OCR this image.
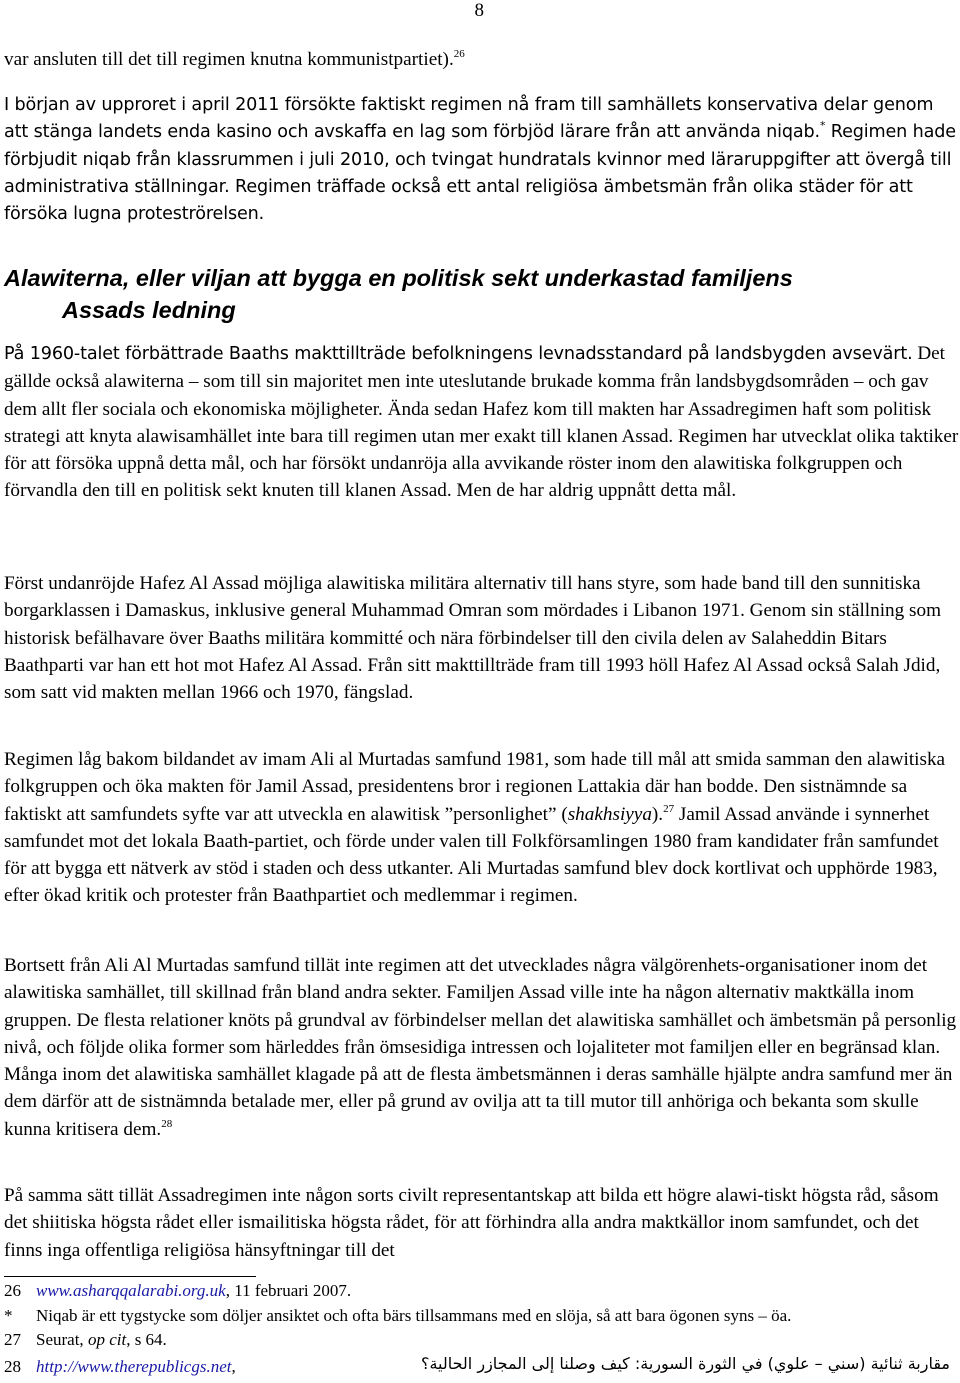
8

var ansluten till det till regimen knutna kommunistpartiet).$^{26}$

I början av upproret i april 2011 försökte faktiskt regimen nå fram till samhällets konservativa delar genom att stänga landets enda kasino och avskaffa en lag som förbjöd lärare från att använda niqab.* Regimen hade förbjudit niqab från klassrummen i juli 2010, och tvingat hundratals kvinnor med läraruppgifter att övergå till administrativa ställningar. Regimen träffade också ett antal religiösa ämbetsmän från olika städer för att försöka lugna proteströrelsen.

Alawiterna, eller viljan att bygga en politisk sekt underkastad familjens
Assads ledning

På 1960-talet förbättrade Baaths makttillträde befolkningens levnadsstandard på landsbygden avsevärt. Det gällde också alawiterna – som till sin majoritet men inte uteslutande brukade komma från landsbygdsområden – och gav dem allt fler sociala och ekonomiska möjligheter. Ända sedan Hafez kom till makten har Assadregimen haft som politisk strategi att knyta alawisamhället inte bara till regimen utan mer exakt till klanen Assad. Regimen har utvecklat olika taktiker för att försöka uppnå detta mål, och har försökt undanröja alla avvikande röster inom den alawitiska folkgruppen och förvandla den till en politisk sekt knuten till klanen Assad. Men de har aldrig uppnått detta mål.

Först undanröjde Hafez Al Assad möjliga alawitiska militära alternativ till hans styre, som hade band till den sunnitiska borgarklassen i Damaskus, inklusive general Muhammad Omran som mördades i Libanon 1971. Genom sin ställning som historisk befälhavare över Baaths militära kommitté och nära förbindelser till den civila delen av Salaheddin Bitars Baathparti var han ett hot mot Hafez Al Assad. Från sitt makttillträde fram till 1993 höll Hafez Al Assad också Salah Jdid, som satt vid makten mellan 1966 och 1970, fängslad.

Regimen låg bakom bildandet av imam Ali al Murtadas samfund 1981, som hade till mål att smida samman den alawitiska folkgruppen och öka makten för Jamil Assad, presidentens bror i regionen Lattakia där han bodde. Den sistnämnde sa faktiskt att samfundets syfte var att utveckla en alawitisk ”personlighet” (shakhsiyya).$^{27}$ Jamil Assad använde i synnerhet samfundet mot det lokala Baath-partiet, och förde under valen till Folkförsamlingen 1980 fram kandidater från samfundet för att bygga ett nätverk av stöd i staden och dess utkanter. Ali Murtadas samfund blev dock kortlivat och upphörde 1983, efter ökad kritik och protester från Baathpartiet och medlemmar i regimen.

Bortsett från Ali Al Murtadas samfund tillät inte regimen att det utvecklades några välgörenhets-organisationer inom det alawitiska samhället, till skillnad från bland andra sekter. Familjen Assad ville inte ha någon alternativ maktkälla inom gruppen. De flesta relationer knöts på grundval av förbindelser mellan det alawitiska samhället och ämbetsmän på personlig nivå, och följde olika former som härleddes från ömsesidiga intressen och lojaliteter mot familjen eller en begränsad klan. Många inom det alawitiska samhället klagade på att de flesta ämbetsmännen i deras samhälle hjälpte andra samfund mer än dem därför att de sistnämnda betalade mer, eller på grund av ovilja att ta till mutor till anhöriga och bekanta som skulle kunna kritisera dem.$^{28}$

På samma sätt tillät Assadregimen inte någon sorts civilt representantskap att bilda ett högre alawi-tiskt högsta råd, såsom det shiitiska högsta rådet eller ismailitiska högsta rådet, för att förhindra alla andra maktkällor inom samfundet, och det finns inga offentliga religiösa hänsyftningar till det

26 www.asharqqalarabi.org.uk, 11 februari 2007.
* Niqab är ett tygstycke som döljer ansiktet och ofta bärs tillsammans med en slöja, så att bara ögonen syns – öa.
27 Seurat, op cit, s 64.
28 http://www.therepublicgs.net,	مقاربة ثنائية (سني – علوي) في الثورة السورية: كيف وصلنا إلى المجازر الحالية؟
